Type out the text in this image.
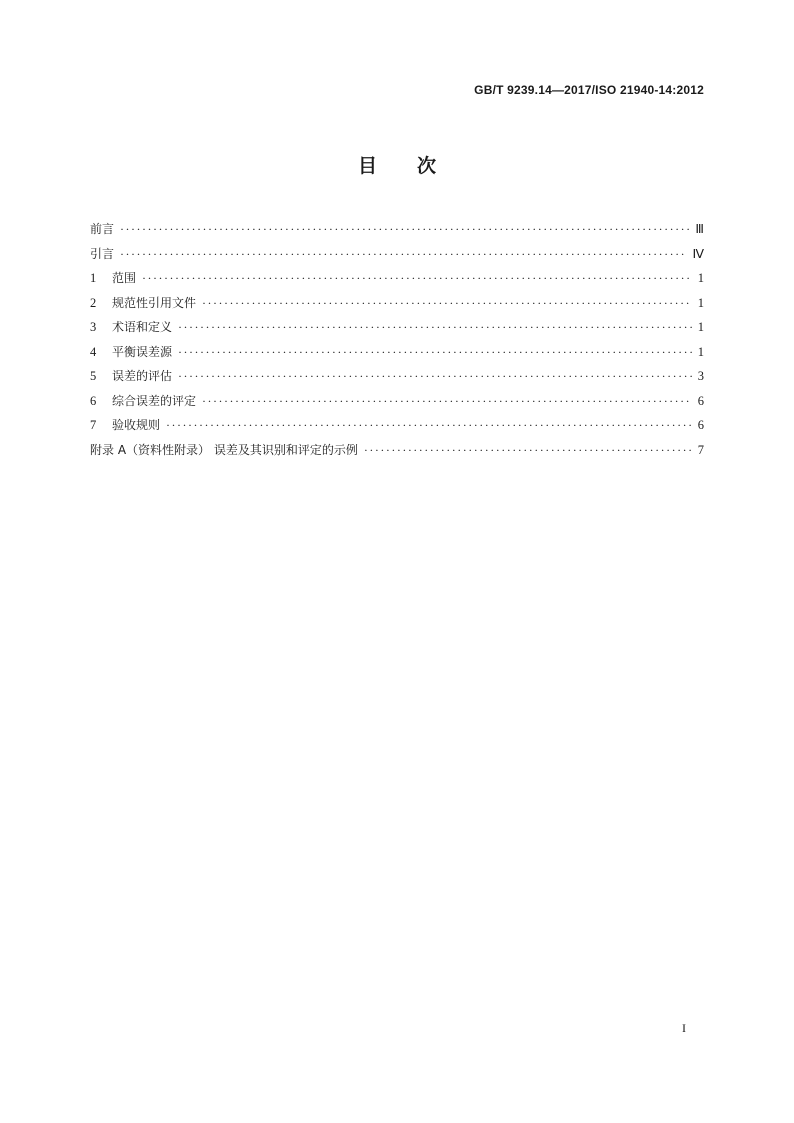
GB/T 9239.14—2017/ISO 21940-14:2012
目次
前言 ·····	Ⅲ
引言 ·····	Ⅳ
1 范围 ·····	1
2 规范性引用文件 ·····	1
3 术语和定义 ·····	1
4 平衡误差源 ·····	1
5 误差的评估 ·····	3
6 综合误差的评定 ·····	6
7 验收规则 ·····	6
附录 A（资料性附录） 误差及其识别和评定的示例 ·····	7
I
